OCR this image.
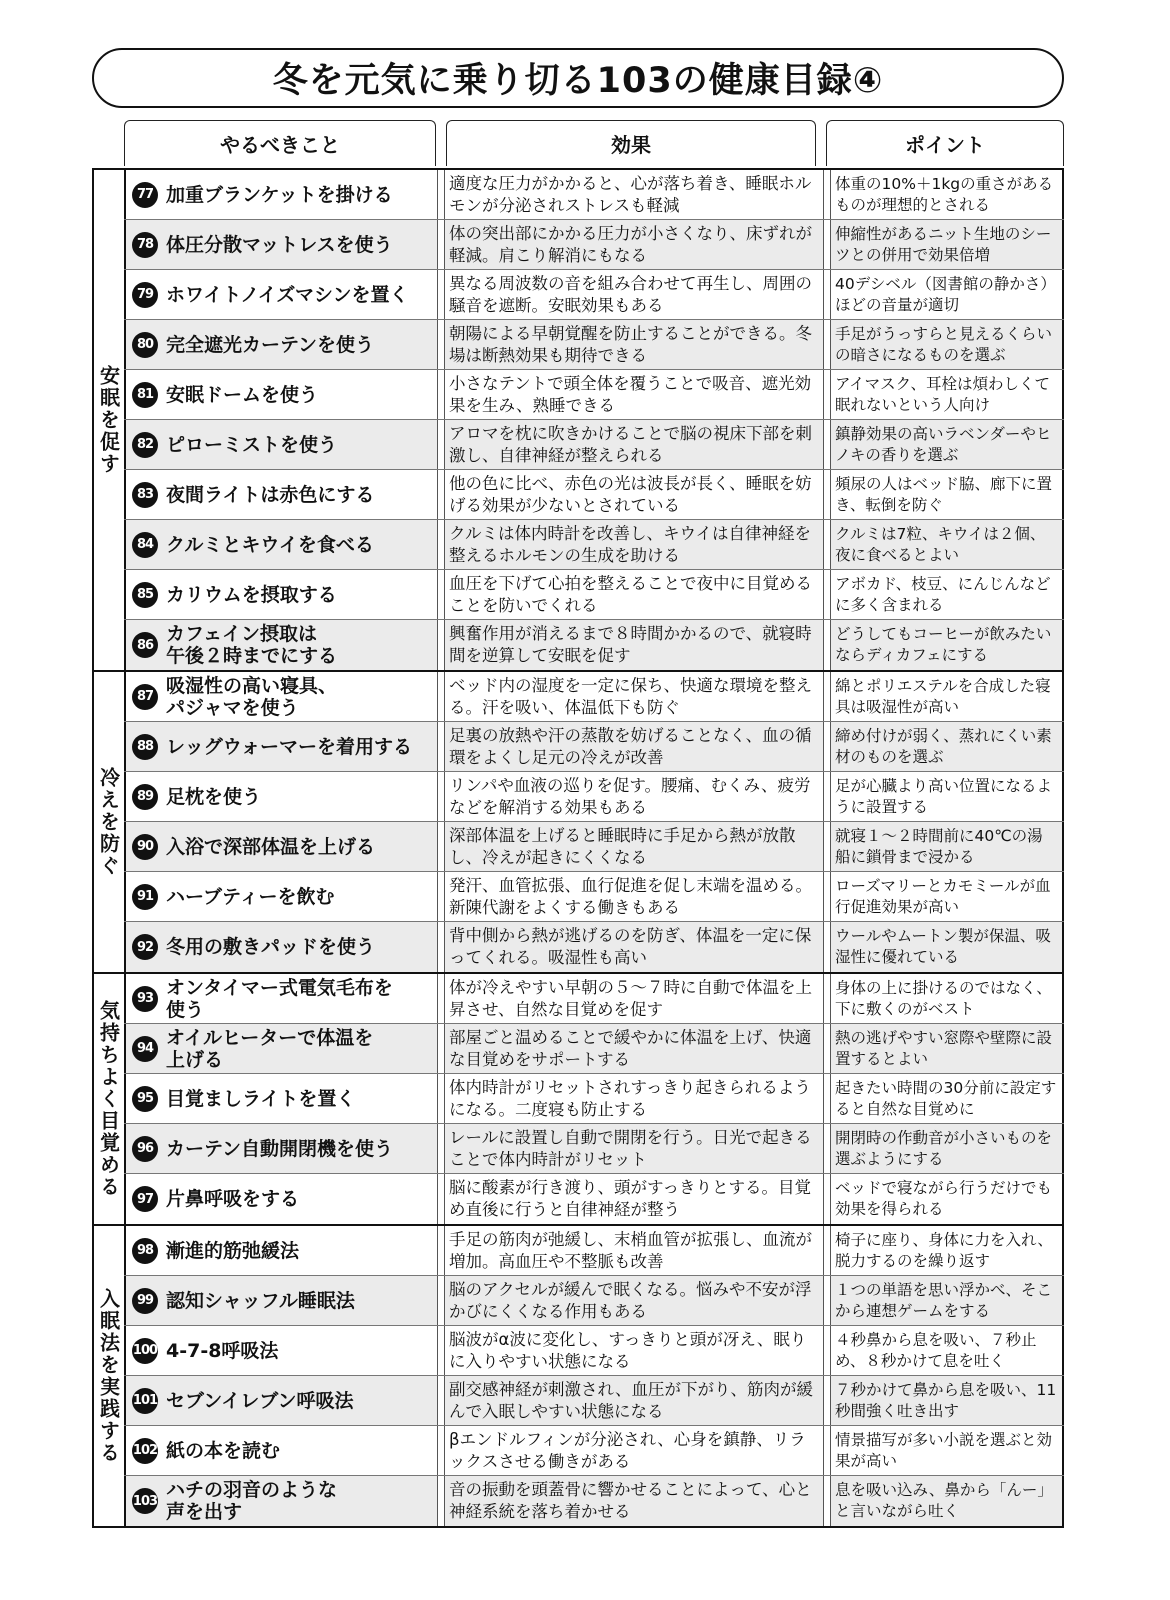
冬を元気に乗り切る103の健康目録④
やるべきこと	効果	ポイント
安眠を促す
77 加重ブランケットを掛ける
適度な圧力がかかると、心が落ち着き、睡眠ホルモンが分泌されストレスも軽減
体重の10%＋1kgの重さがあるものが理想的とされる
78 体圧分散マットレスを使う
体の突出部にかかる圧力が小さくなり、床ずれが軽減。肩こり解消にもなる
伸縮性があるニット生地のシーツとの併用で効果倍増
79 ホワイトノイズマシンを置く
異なる周波数の音を組み合わせて再生し、周囲の騒音を遮断。安眠効果もある
40デシベル（図書館の静かさ）ほどの音量が適切
80 完全遮光カーテンを使う
朝陽による早朝覚醒を防止することができる。冬場は断熱効果も期待できる
手足がうっすらと見えるくらいの暗さになるものを選ぶ
81 安眠ドームを使う
小さなテントで頭全体を覆うことで吸音、遮光効果を生み、熟睡できる
アイマスク、耳栓は煩わしくて眠れないという人向け
82 ピローミストを使う
アロマを枕に吹きかけることで脳の視床下部を刺激し、自律神経が整えられる
鎮静効果の高いラベンダーやヒノキの香りを選ぶ
83 夜間ライトは赤色にする
他の色に比べ、赤色の光は波長が長く、睡眠を妨げる効果が少ないとされている
頻尿の人はベッド脇、廊下に置き、転倒を防ぐ
84 クルミとキウイを食べる
クルミは体内時計を改善し、キウイは自律神経を整えるホルモンの生成を助ける
クルミは7粒、キウイは２個、夜に食べるとよい
85 カリウムを摂取する
血圧を下げて心拍を整えることで夜中に目覚めることを防いでくれる
アボカド、枝豆、にんじんなどに多く含まれる
86 カフェイン摂取は
午後２時までにする
興奮作用が消えるまで８時間かかるので、就寝時間を逆算して安眠を促す
どうしてもコーヒーが飲みたいならディカフェにする
冷えを防ぐ
87 吸湿性の高い寝具、
パジャマを使う
ベッド内の湿度を一定に保ち、快適な環境を整える。汗を吸い、体温低下も防ぐ
綿とポリエステルを合成した寝具は吸湿性が高い
88 レッグウォーマーを着用する
足裏の放熱や汗の蒸散を妨げることなく、血の循環をよくし足元の冷えが改善
締め付けが弱く、蒸れにくい素材のものを選ぶ
89 足枕を使う
リンパや血液の巡りを促す。腰痛、むくみ、疲労などを解消する効果もある
足が心臓より高い位置になるように設置する
90 入浴で深部体温を上げる
深部体温を上げると睡眠時に手足から熱が放散し、冷えが起きにくくなる
就寝１～２時間前に40℃の湯船に鎖骨まで浸かる
91 ハーブティーを飲む
発汗、血管拡張、血行促進を促し末端を温める。新陳代謝をよくする働きもある
ローズマリーとカモミールが血行促進効果が高い
92 冬用の敷きパッドを使う
背中側から熱が逃げるのを防ぎ、体温を一定に保ってくれる。吸湿性も高い
ウールやムートン製が保温、吸湿性に優れている
気持ちよく目覚める
93 オンタイマー式電気毛布を
使う
体が冷えやすい早朝の５～７時に自動で体温を上昇させ、自然な目覚めを促す
身体の上に掛けるのではなく、下に敷くのがベスト
94 オイルヒーターで体温を
上げる
部屋ごと温めることで緩やかに体温を上げ、快適な目覚めをサポートする
熱の逃げやすい窓際や壁際に設置するとよい
95 目覚ましライトを置く
体内時計がリセットされすっきり起きられるようになる。二度寝も防止する
起きたい時間の30分前に設定すると自然な目覚めに
96 カーテン自動開閉機を使う
レールに設置し自動で開閉を行う。日光で起きることで体内時計がリセット
開閉時の作動音が小さいものを選ぶようにする
97 片鼻呼吸をする
脳に酸素が行き渡り、頭がすっきりとする。目覚め直後に行うと自律神経が整う
ベッドで寝ながら行うだけでも効果を得られる
入眠法を実践する
98 漸進的筋弛緩法
手足の筋肉が弛緩し、末梢血管が拡張し、血流が増加。高血圧や不整脈も改善
椅子に座り、身体に力を入れ、脱力するのを繰り返す
99 認知シャッフル睡眠法
脳のアクセルが緩んで眠くなる。悩みや不安が浮かびにくくなる作用もある
１つの単語を思い浮かべ、そこから連想ゲームをする
100 4-7-8呼吸法
脳波がα波に変化し、すっきりと頭が冴え、眠りに入りやすい状態になる
４秒鼻から息を吸い、７秒止め、８秒かけて息を吐く
101 セブンイレブン呼吸法
副交感神経が刺激され、血圧が下がり、筋肉が緩んで入眠しやすい状態になる
７秒かけて鼻から息を吸い、11秒間強く吐き出す
102 紙の本を読む
βエンドルフィンが分泌され、心身を鎮静、リラックスさせる働きがある
情景描写が多い小説を選ぶと効果が高い
103 ハチの羽音のような
声を出す
音の振動を頭蓋骨に響かせることによって、心と神経系統を落ち着かせる
息を吸い込み、鼻から「んー」と言いながら吐く
